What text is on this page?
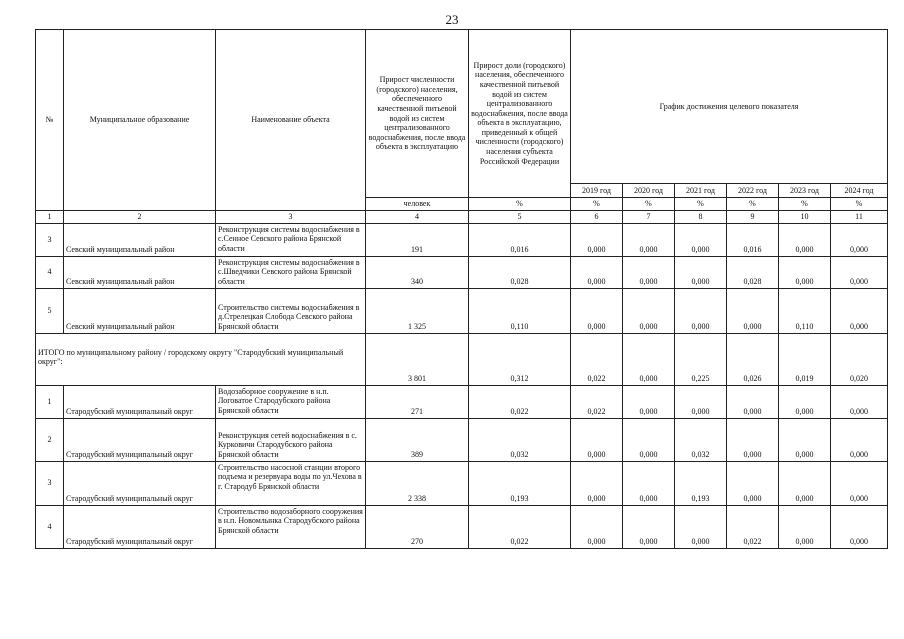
23
№	Муниципальное образование	Наименование объекта	Прирост численности (городского) населения, обеспеченного качественной питьевой водой из систем централизованного водоснабжения, после ввода объекта в эксплуатацию	Прирост доли (городского) населения, обеспеченного качественной питьевой водой из систем централизованного водоснабжения, после ввода объекта в эксплуатацию, приведенный к общей численности (городского) населения субъекта Российской Федерации	График достижения целевого показателя					
					2019 год	2020 год	2021 год	2022 год	2023 год	2024 год
			человек	%	%	%	%	%	%	%
1	2	3	4	5	6	7	8	9	10	11
3	Севский муниципальный район	Реконструкция системы водоснабжения в с.Сенное Севского района Брянской области	191	0,016	0,000	0,000	0,000	0,016	0,000	0,000
4	Севский муниципальный район	Реконструкция системы водоснабжения в с.Шведчики Севского района Брянской области	340	0,028	0,000	0,000	0,000	0,028	0,000	0,000
5	Севский муниципальный район	Строительство системы водоснабжения в д.Стрелецкая Слобода Севского района Брянской области	1 325	0,110	0,000	0,000	0,000	0,000	0,110	0,000
ИТОГО по муниципальному району / городскому округу "Стародубский муниципальный округ":			3 801	0,312	0,022	0,000	0,225	0,026	0,019	0,020
1	Стародубский муниципальный округ	Водозаборное сооружение в н.п. Логоватое Стародубского района Брянской области	271	0,022	0,022	0,000	0,000	0,000	0,000	0,000
2	Стародубский муниципальный округ	Реконструкция сетей водоснабжения в с. Курковичи Стародубского района Брянской области	389	0,032	0,000	0,000	0,032	0,000	0,000	0,000
3	Стародубский муниципальный округ	Строительство насосной станции второго подъема и резервуара воды по ул.Чехова в г. Стародуб Брянской области	2 338	0,193	0,000	0,000	0,193	0,000	0,000	0,000
4	Стародубский муниципальный округ	Строительство водозаборного сооружения в н.п. Новомлынка Стародубского района Брянской области	270	0,022	0,000	0,000	0,000	0,022	0,000	0,000
